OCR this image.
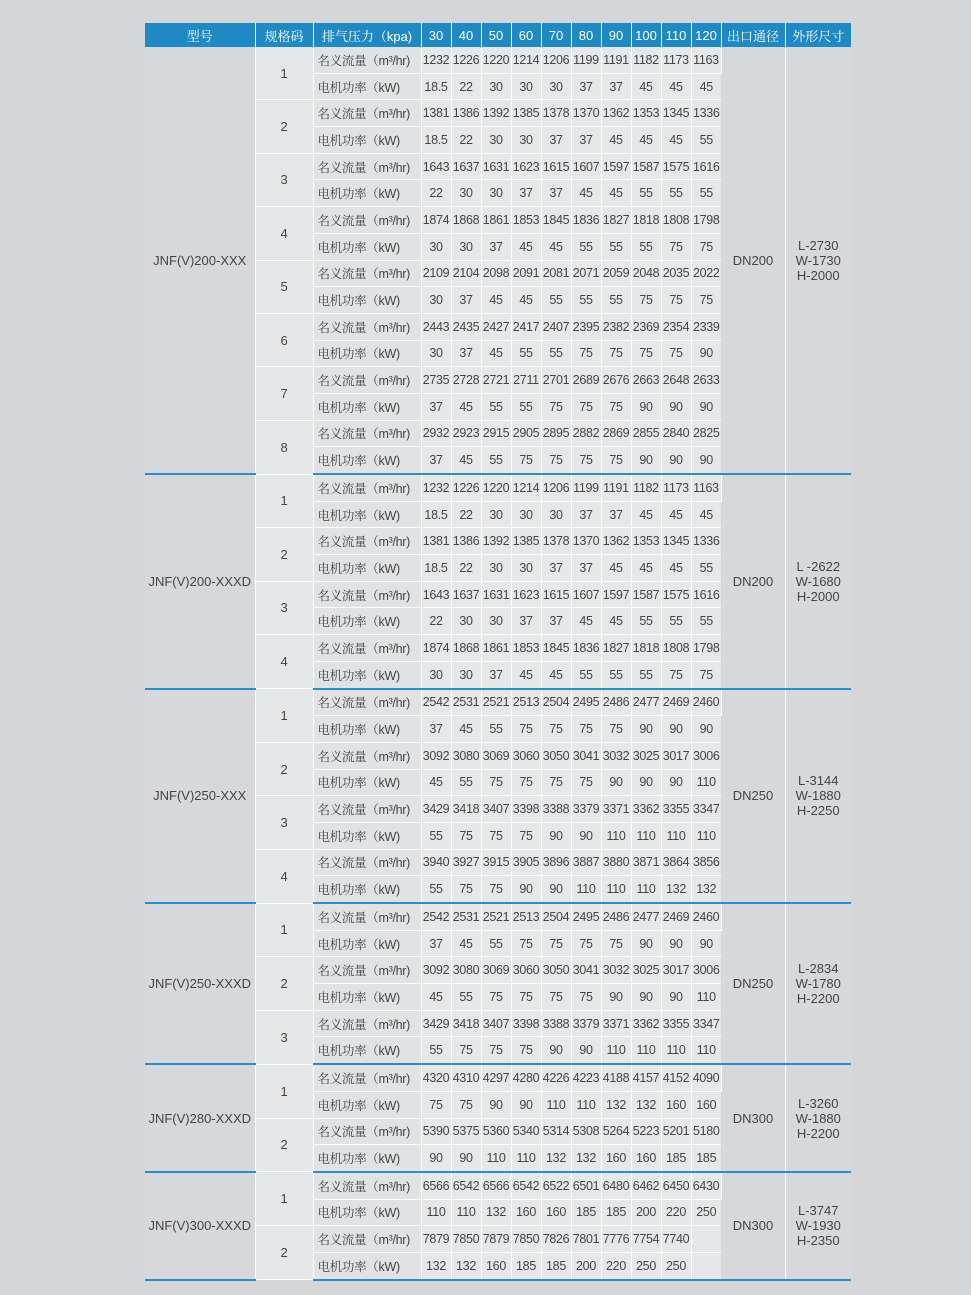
型号	规格码	排气压力（kpa)	30	40	50	60	70	80	90	100	110	120	出口通径	外形尺寸
JNF(V)200-XXX	1	名义流量（m³/hr)	1232	1226	1220	1214	1206	1199	1191	1182	1173	1163	DN200	L-2730
W-1730
H-2000
		电机功率（kW)	18.5	22	30	30	30	37	37	45	45	45		
	2	名义流量（m³/hr)	1381	1386	1392	1385	1378	1370	1362	1353	1345	1336		
		电机功率（kW)	18.5	22	30	30	37	37	45	45	45	55		
	3	名义流量（m³/hr)	1643	1637	1631	1623	1615	1607	1597	1587	1575	1616		
		电机功率（kW)	22	30	30	37	37	45	45	55	55	55		
	4	名义流量（m³/hr)	1874	1868	1861	1853	1845	1836	1827	1818	1808	1798		
		电机功率（kW)	30	30	37	45	45	55	55	55	75	75		
	5	名义流量（m³/hr)	2109	2104	2098	2091	2081	2071	2059	2048	2035	2022		
		电机功率（kW)	30	37	45	45	55	55	55	75	75	75		
	6	名义流量（m³/hr)	2443	2435	2427	2417	2407	2395	2382	2369	2354	2339		
		电机功率（kW)	30	37	45	55	55	75	75	75	75	90		
	7	名义流量（m³/hr)	2735	2728	2721	2711	2701	2689	2676	2663	2648	2633		
		电机功率（kW)	37	45	55	55	75	75	75	90	90	90		
	8	名义流量（m³/hr)	2932	2923	2915	2905	2895	2882	2869	2855	2840	2825		
		电机功率（kW)	37	45	55	75	75	75	75	90	90	90		
JNF(V)200-XXXD	1	名义流量（m³/hr)	1232	1226	1220	1214	1206	1199	1191	1182	1173	1163	DN200	L -2622
W-1680
H-2000
		电机功率（kW)	18.5	22	30	30	30	37	37	45	45	45		
	2	名义流量（m³/hr)	1381	1386	1392	1385	1378	1370	1362	1353	1345	1336		
		电机功率（kW)	18.5	22	30	30	37	37	45	45	45	55		
	3	名义流量（m³/hr)	1643	1637	1631	1623	1615	1607	1597	1587	1575	1616		
		电机功率（kW)	22	30	30	37	37	45	45	55	55	55		
	4	名义流量（m³/hr)	1874	1868	1861	1853	1845	1836	1827	1818	1808	1798		
		电机功率（kW)	30	30	37	45	45	55	55	55	75	75		
JNF(V)250-XXX	1	名义流量（m³/hr)	2542	2531	2521	2513	2504	2495	2486	2477	2469	2460	DN250	L-3144
W-1880
H-2250
		电机功率（kW)	37	45	55	75	75	75	75	90	90	90		
	2	名义流量（m³/hr)	3092	3080	3069	3060	3050	3041	3032	3025	3017	3006		
		电机功率（kW)	45	55	75	75	75	75	90	90	90	110		
	3	名义流量（m³/hr)	3429	3418	3407	3398	3388	3379	3371	3362	3355	3347		
		电机功率（kW)	55	75	75	75	90	90	110	110	110	110		
	4	名义流量（m³/hr)	3940	3927	3915	3905	3896	3887	3880	3871	3864	3856		
		电机功率（kW)	55	75	75	90	90	110	110	110	132	132		
JNF(V)250-XXXD	1	名义流量（m³/hr)	2542	2531	2521	2513	2504	2495	2486	2477	2469	2460	DN250	L-2834
W-1780
H-2200
		电机功率（kW)	37	45	55	75	75	75	75	90	90	90		
	2	名义流量（m³/hr)	3092	3080	3069	3060	3050	3041	3032	3025	3017	3006		
		电机功率（kW)	45	55	75	75	75	75	90	90	90	110		
	3	名义流量（m³/hr)	3429	3418	3407	3398	3388	3379	3371	3362	3355	3347		
		电机功率（kW)	55	75	75	75	90	90	110	110	110	110		
JNF(V)280-XXXD	1	名义流量（m³/hr)	4320	4310	4297	4280	4226	4223	4188	4157	4152	4090	DN300	L-3260
W-1880
H-2200
		电机功率（kW)	75	75	90	90	110	110	132	132	160	160		
	2	名义流量（m³/hr)	5390	5375	5360	5340	5314	5308	5264	5223	5201	5180		
		电机功率（kW)	90	90	110	110	132	132	160	160	185	185		
JNF(V)300-XXXD	1	名义流量（m³/hr)	6566	6542	6566	6542	6522	6501	6480	6462	6450	6430	DN300	L-3747
W-1930
H-2350
		电机功率（kW)	110	110	132	160	160	185	185	200	220	250		
	2	名义流量（m³/hr)	7879	7850	7879	7850	7826	7801	7776	7754	7740			
		电机功率（kW)	132	132	160	185	185	200	220	250	250			
